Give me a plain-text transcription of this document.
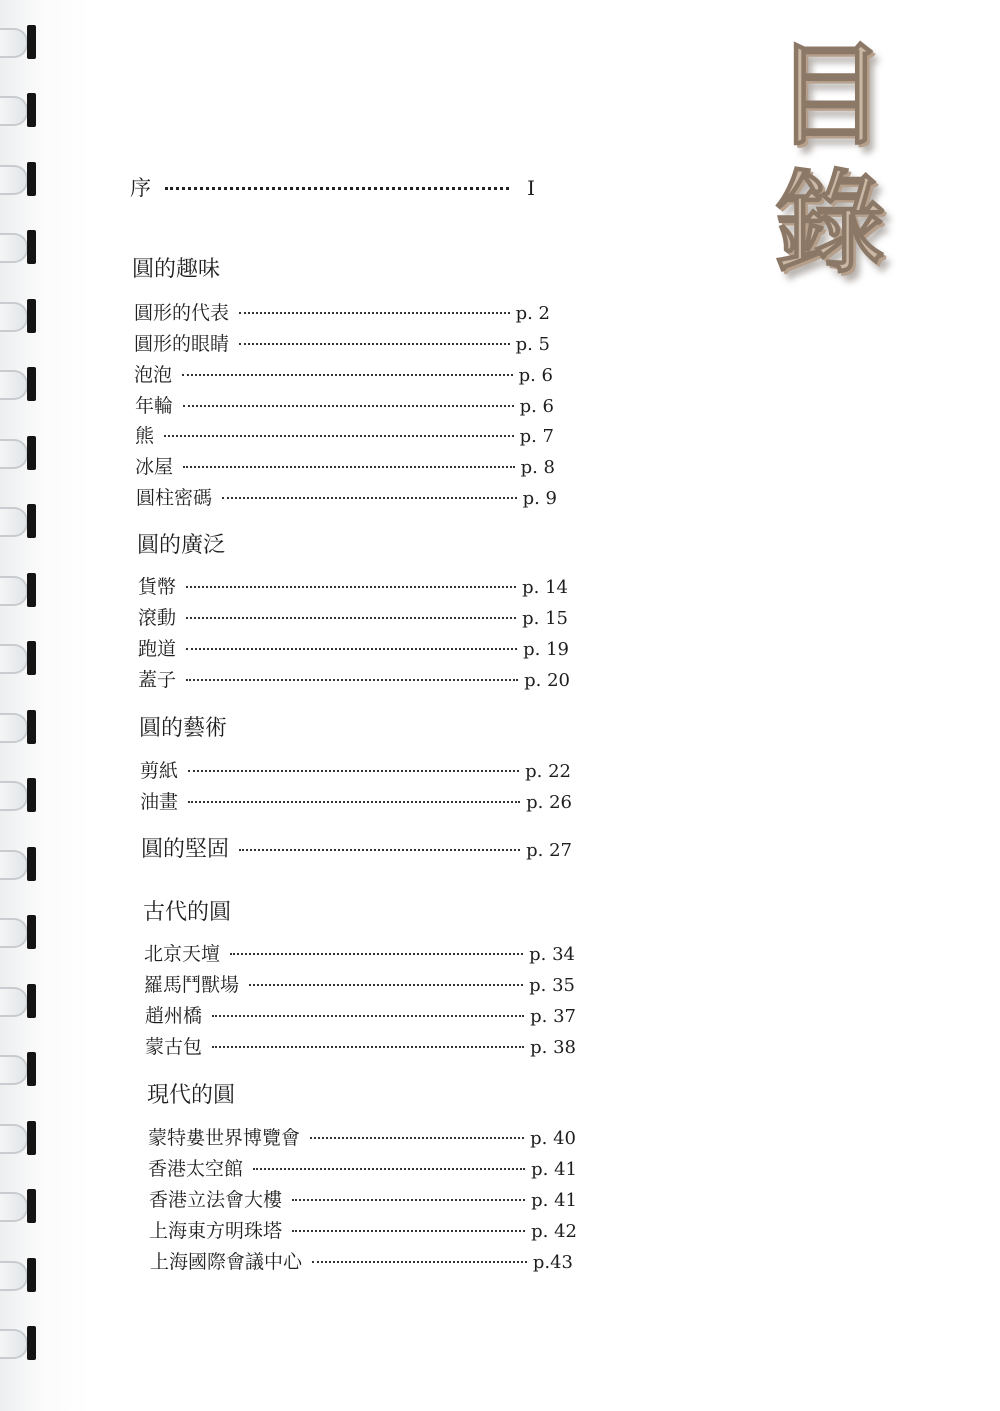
目
錄
序	I
圓的趣味
圓形的代表	p. 2
圓形的眼睛	p. 5
泡泡	p. 6
年輪	p. 6
熊	p. 7
冰屋	p. 8
圓柱密碼	p. 9
圓的廣泛
貨幣	p. 14
滾動	p. 15
跑道	p. 19
蓋子	p. 20
圓的藝術
剪紙	p. 22
油畫	p. 26
圓的堅固	p. 27
古代的圓
北京天壇	p. 34
羅馬鬥獸場	p. 35
趙州橋	p. 37
蒙古包	p. 38
現代的圓
蒙特婁世界博覽會	p. 40
香港太空館	p. 41
香港立法會大樓	p. 41
上海東方明珠塔	p. 42
上海國際會議中心	p.43
